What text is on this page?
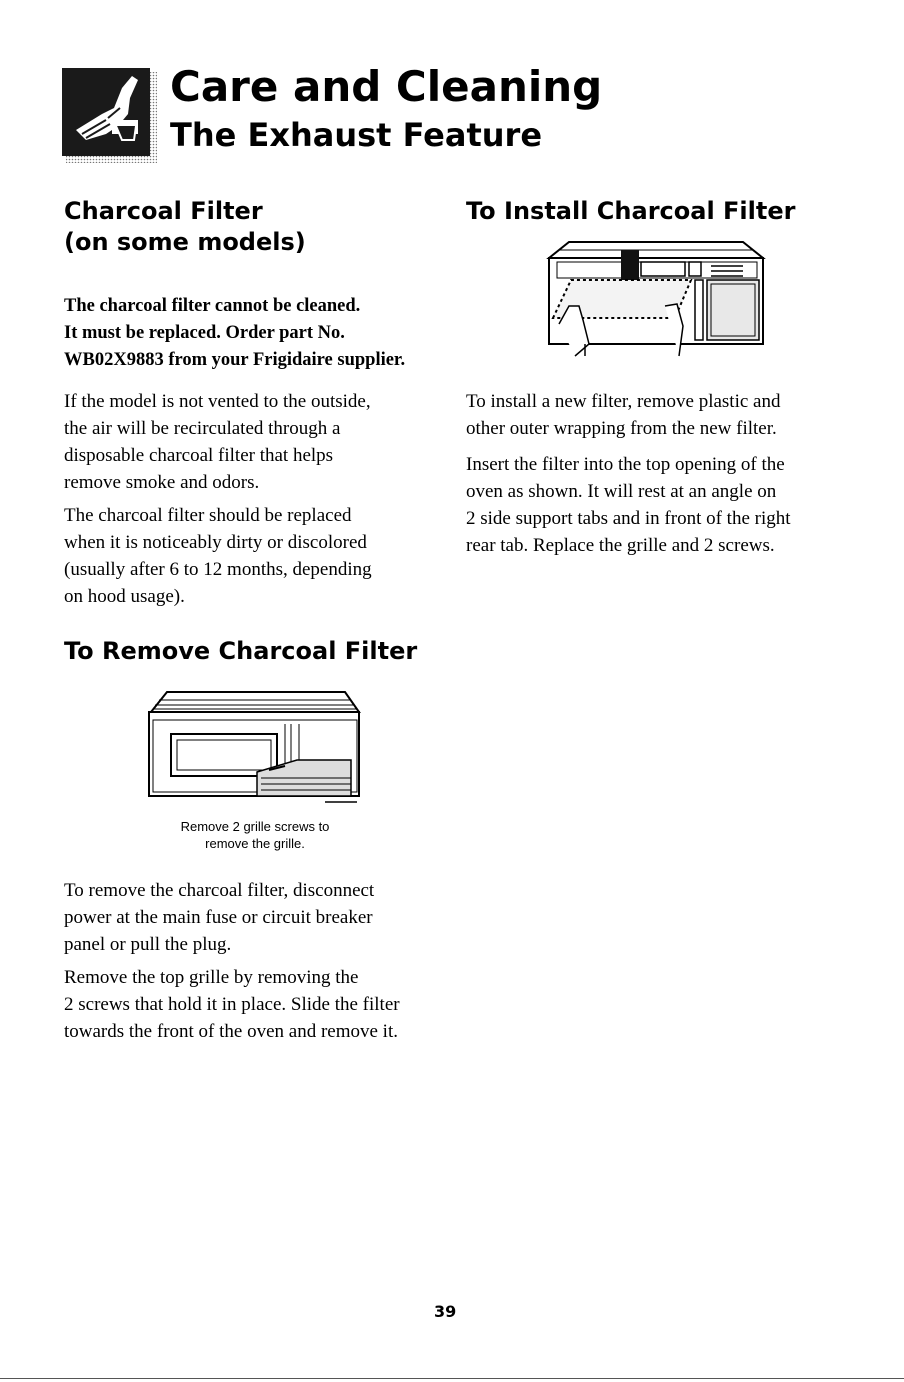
Care and Cleaning
The Exhaust Feature
Charcoal Filter
(on some models)
The charcoal filter cannot be cleaned.
It must be replaced. Order part No.
WB02X9883 from your Frigidaire supplier.
If the model is not vented to the outside,
the air will be recirculated through a
disposable charcoal filter that helps
remove smoke and odors.
The charcoal filter should be replaced
when it is noticeably dirty or discolored
(usually after 6 to 12 months, depending
on hood usage).
To Remove Charcoal Filter
Remove 2 grille screws to
remove the grille.
To remove the charcoal filter, disconnect
power at the main fuse or circuit breaker
panel or pull the plug.
Remove the top grille by removing the
2 screws that hold it in place. Slide the filter
towards the front of the oven and remove it.
To Install Charcoal Filter
To install a new filter, remove plastic and
other outer wrapping from the new filter.
Insert the filter into the top opening of the
oven as shown. It will rest at an angle on
2 side support tabs and in front of the right
rear tab. Replace the grille and 2 screws.
39
